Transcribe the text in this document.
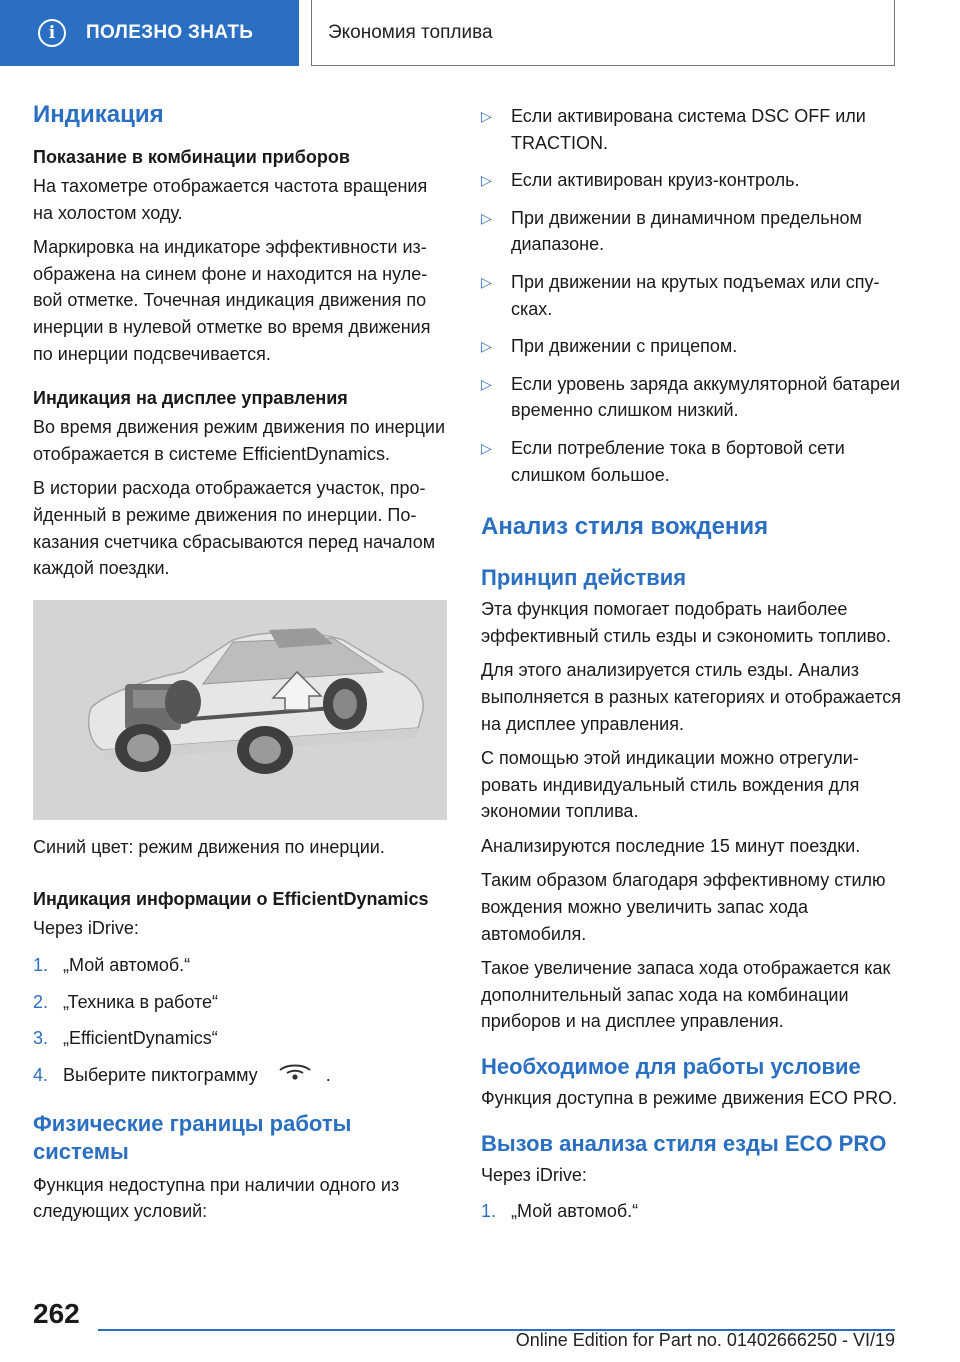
i	ПОЛЕЗНО ЗНАТЬ	Экономия топлива
Индикация
Показание в комбинации приборов
На тахометре отображается частота вращения на холостом ходу.
Маркировка на индикаторе эффективности изображена на синем фоне и находится на нулевой отметке. Точечная индикация движения по инерции в нулевой отметке во время движения по инерции подсвечивается.
Индикация на дисплее управления
Во время движения режим движения по инерции отображается в системе EfficientDynamics.
В истории расхода отображается участок, пройденный в режиме движения по инерции. Показания счетчика сбрасываются перед началом каждой поездки.
Синий цвет: режим движения по инерции.
Индикация информации о EfficientDynamics
Через iDrive:
1. „Мой автомоб.“
2. „Техника в работе“
3. „EfficientDynamics“
4. Выберите пиктограмму	.
Физические границы работы системы
Функция недоступна при наличии одного из следующих условий:
▷ Если активирована система DSC OFF или TRACTION.
▷ Если активирован круиз-контроль.
▷ При движении в динамичном предельном диапазоне.
▷ При движении на крутых подъемах или спусках.
▷ При движении с прицепом.
▷ Если уровень заряда аккумуляторной батареи временно слишком низкий.
▷ Если потребление тока в бортовой сети слишком большое.
Анализ стиля вождения
Принцип действия
Эта функция помогает подобрать наиболее эффективный стиль езды и сэкономить топливо.
Для этого анализируется стиль езды. Анализ выполняется в разных категориях и отображается на дисплее управления.
С помощью этой индикации можно отрегулировать индивидуальный стиль вождения для экономии топлива.
Анализируются последние 15 минут поездки.
Таким образом благодаря эффективному стилю вождения можно увеличить запас хода автомобиля.
Такое увеличение запаса хода отображается как дополнительный запас хода на комбинации приборов и на дисплее управления.
Необходимое для работы условие
Функция доступна в режиме движения ECO PRO.
Вызов анализа стиля езды ECO PRO
Через iDrive:
1. „Мой автомоб.“
262
Online Edition for Part no. 01402666250 - VI/19
